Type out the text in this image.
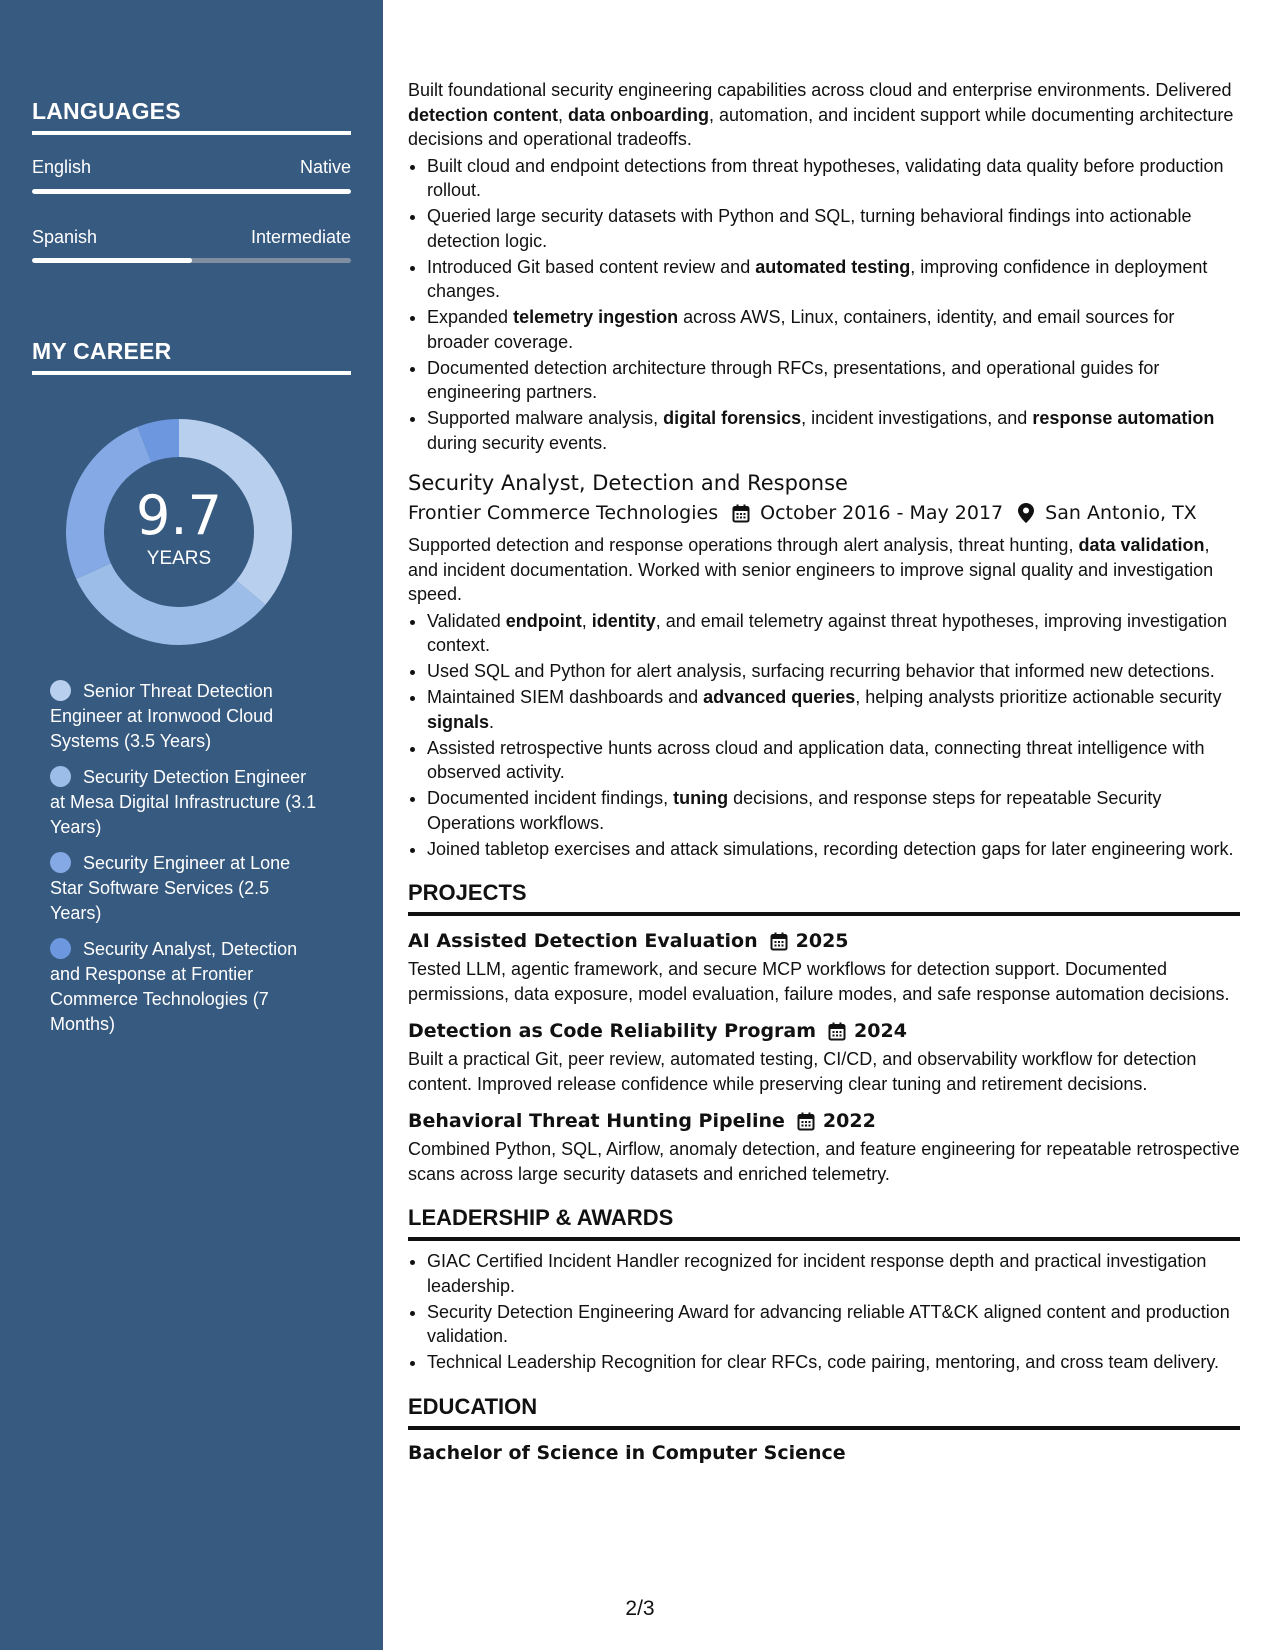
LANGUAGES
English	Native
Spanish	Intermediate
MY CAREER
9.7
YEARS
Senior Threat Detection Engineer at Ironwood Cloud Systems (3.5 Years)
Security Detection Engineer at Mesa Digital Infrastructure (3.1 Years)
Security Engineer at Lone Star Software Services (2.5 Years)
Security Analyst, Detection and Response at Frontier Commerce Technologies (7 Months)

Built foundational security engineering capabilities across cloud and enterprise environments. Delivered detection content, data onboarding, automation, and incident support while documenting architecture decisions and operational tradeoffs.

• Built cloud and endpoint detections from threat hypotheses, validating data quality before production rollout.
• Queried large security datasets with Python and SQL, turning behavioral findings into actionable detection logic.
• Introduced Git based content review and automated testing, improving confidence in deployment changes.
• Expanded telemetry ingestion across AWS, Linux, containers, identity, and email sources for broader coverage.
• Documented detection architecture through RFCs, presentations, and operational guides for engineering partners.
• Supported malware analysis, digital forensics, incident investigations, and response automation during security events.
Security Analyst, Detection and Response
Frontier Commerce Technologies October 2016 - May 2017 San Antonio, TX

Supported detection and response operations through alert analysis, threat hunting, data validation, and incident documentation. Worked with senior engineers to improve signal quality and investigation speed.

• Validated endpoint, identity, and email telemetry against threat hypotheses, improving investigation context.
• Used SQL and Python for alert analysis, surfacing recurring behavior that informed new detections.
• Maintained SIEM dashboards and advanced queries, helping analysts prioritize actionable security signals.
• Assisted retrospective hunts across cloud and application data, connecting threat intelligence with observed activity.
• Documented incident findings, tuning decisions, and response steps for repeatable Security Operations workflows.
• Joined tabletop exercises and attack simulations, recording detection gaps for later engineering work.
PROJECTS
AI Assisted Detection Evaluation 2025

Tested LLM, agentic framework, and secure MCP workflows for detection support. Documented permissions, data exposure, model evaluation, failure modes, and safe response automation decisions.

Detection as Code Reliability Program 2024

Built a practical Git, peer review, automated testing, CI/CD, and observability workflow for detection content. Improved release confidence while preserving clear tuning and retirement decisions.

Behavioral Threat Hunting Pipeline 2022

Combined Python, SQL, Airflow, anomaly detection, and feature engineering for repeatable retrospective scans across large security datasets and enriched telemetry.

LEADERSHIP & AWARDS
• GIAC Certified Incident Handler recognized for incident response depth and practical investigation leadership.
• Security Detection Engineering Award for advancing reliable ATT&CK aligned content and production validation.
• Technical Leadership Recognition for clear RFCs, code pairing, mentoring, and cross team delivery.
EDUCATION
Bachelor of Science in Computer Science
2/3
